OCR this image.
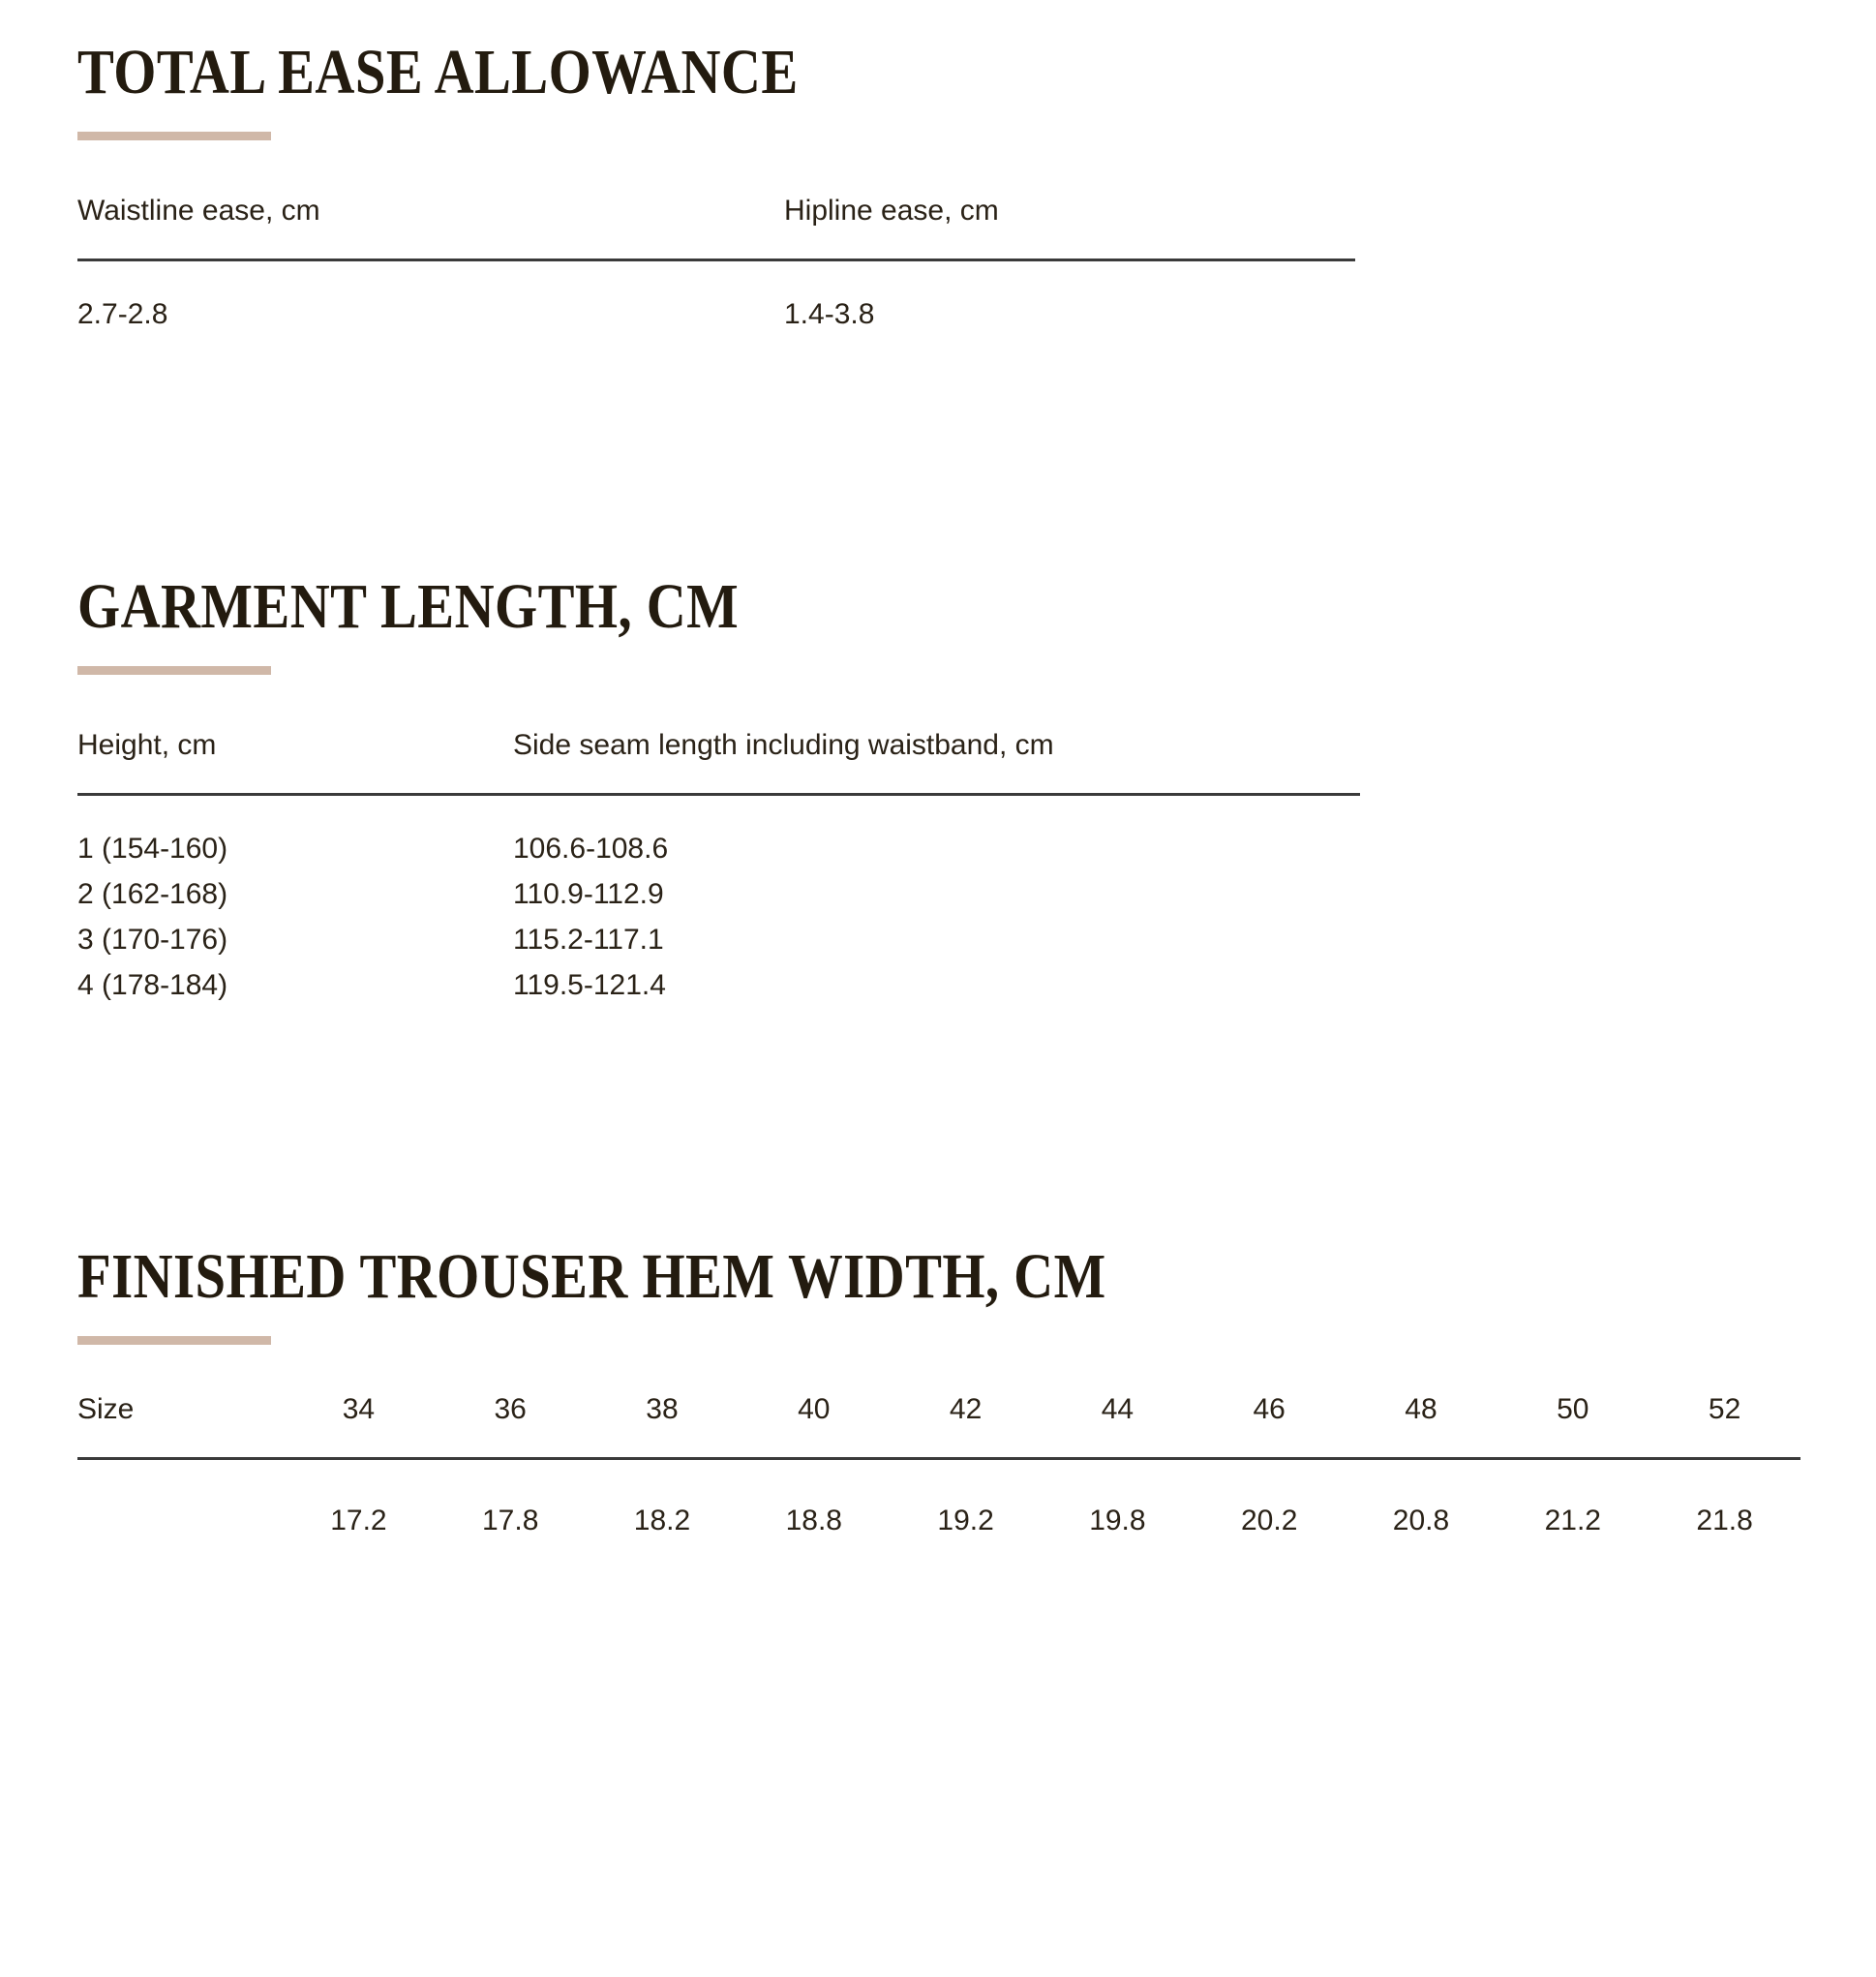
TOTAL EASE ALLOWANCE
Waistline ease, cm	Hipline ease, cm
2.7-2.8	1.4-3.8
GARMENT LENGTH, CM
Height, cm	Side seam length including waistband, cm
1 (154-160)	106.6-108.6
2 (162-168)	110.9-112.9
3 (170-176)	115.2-117.1
4 (178-184)	119.5-121.4
FINISHED TROUSER HEM WIDTH, CM
Size	34	36	38	40	42	44	46	48	50	52
	17.2	17.8	18.2	18.8	19.2	19.8	20.2	20.8	21.2	21.8
